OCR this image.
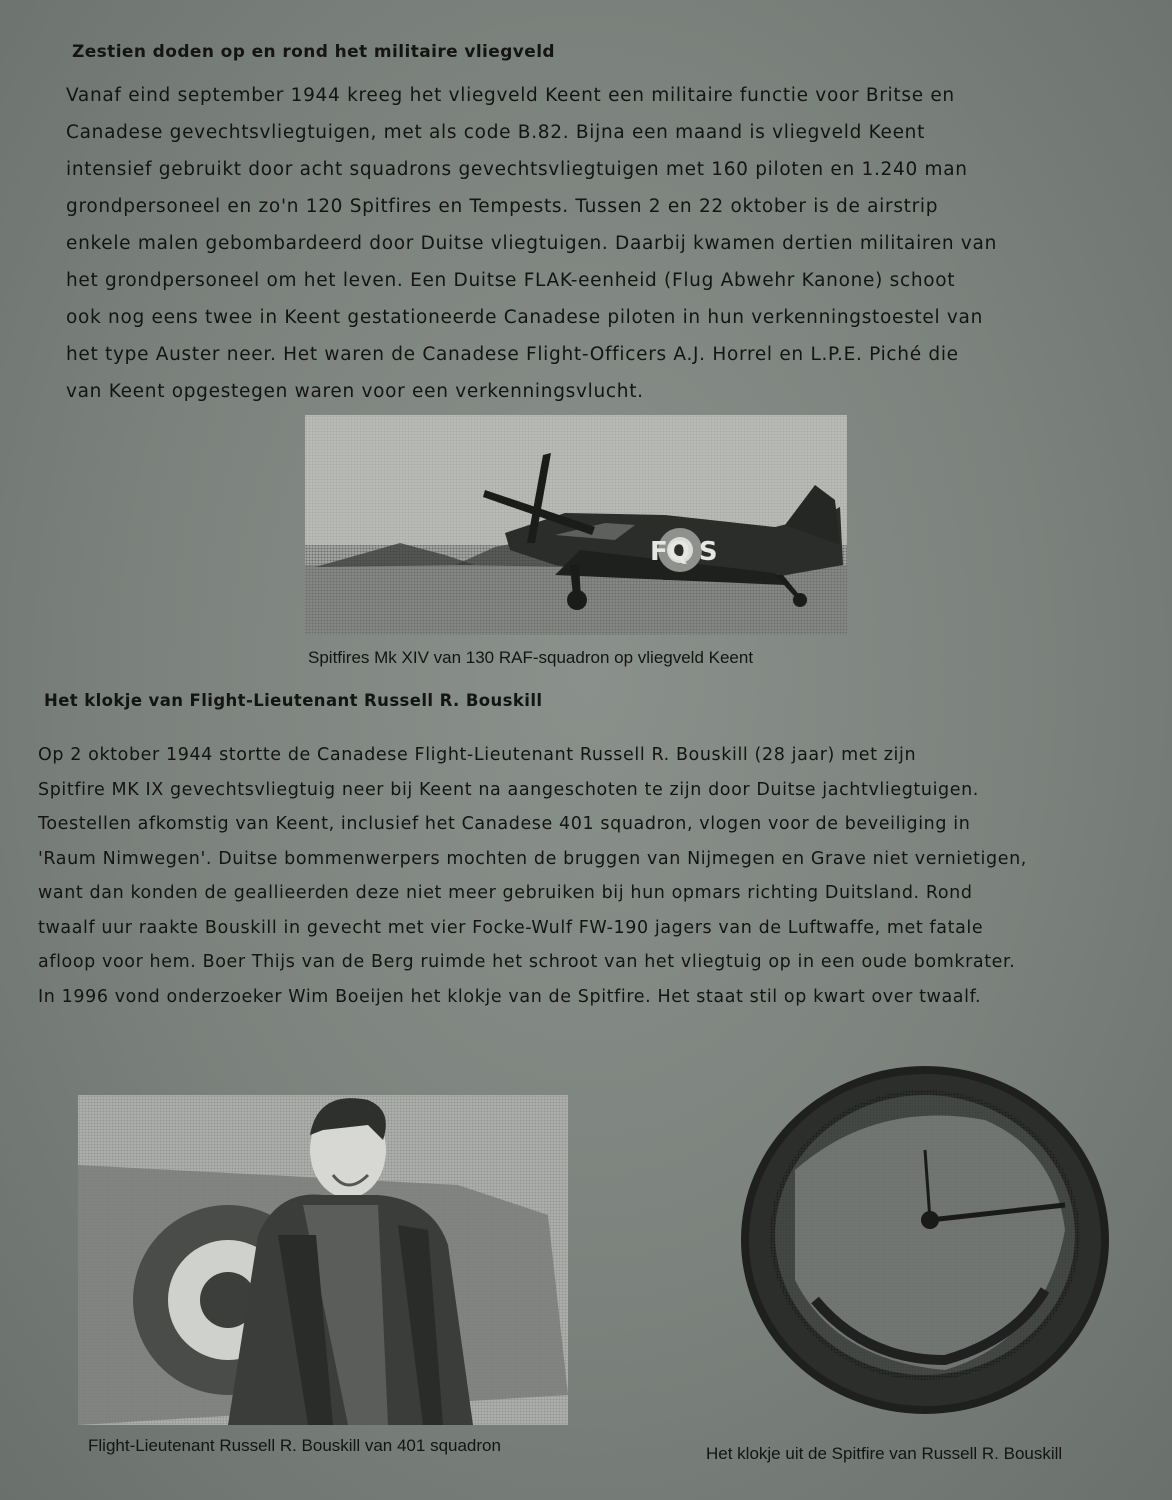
Zestien doden op en rond het militaire vliegveld
Vanaf eind september 1944 kreeg het vliegveld Keent een militaire functie voor Britse en
Canadese gevechtsvliegtuigen, met als code B.82. Bijna een maand is vliegveld Keent
intensief gebruikt door acht squadrons gevechtsvliegtuigen met 160 piloten en 1.240 man
grondpersoneel en zo'n 120 Spitfires en Tempests. Tussen 2 en 22 oktober is de airstrip
enkele malen gebombardeerd door Duitse vliegtuigen. Daarbij kwamen dertien militairen van
het grondpersoneel om het leven. Een Duitse FLAK-eenheid (Flug Abwehr Kanone) schoot
ook nog eens twee in Keent gestationeerde Canadese piloten in hun verkenningstoestel van
het type Auster neer. Het waren de Canadese Flight-Officers A.J. Horrel en L.P.E. Piché die
van Keent opgestegen waren voor een verkenningsvlucht.
FQ S
Spitfires Mk XIV van 130 RAF-squadron op vliegveld Keent
Het klokje van Flight-Lieutenant Russell R. Bouskill
Op 2 oktober 1944 stortte de Canadese Flight-Lieutenant Russell R. Bouskill (28 jaar) met zijn
Spitfire MK IX gevechtsvliegtuig neer bij Keent na aangeschoten te zijn door Duitse jachtvliegtuigen.
Toestellen afkomstig van Keent, inclusief het Canadese 401 squadron, vlogen voor de beveiliging in
'Raum Nimwegen'. Duitse bommenwerpers mochten de bruggen van Nijmegen en Grave niet vernietigen,
want dan konden de geallieerden deze niet meer gebruiken bij hun opmars richting Duitsland. Rond
twaalf uur raakte Bouskill in gevecht met vier Focke-Wulf FW-190 jagers van de Luftwaffe, met fatale
afloop voor hem. Boer Thijs van de Berg ruimde het schroot van het vliegtuig op in een oude bomkrater.
In 1996 vond onderzoeker Wim Boeijen het klokje van de Spitfire. Het staat stil op kwart over twaalf.
Flight-Lieutenant Russell R. Bouskill van 401 squadron	Het klokje uit de Spitfire van Russell R. Bouskill
